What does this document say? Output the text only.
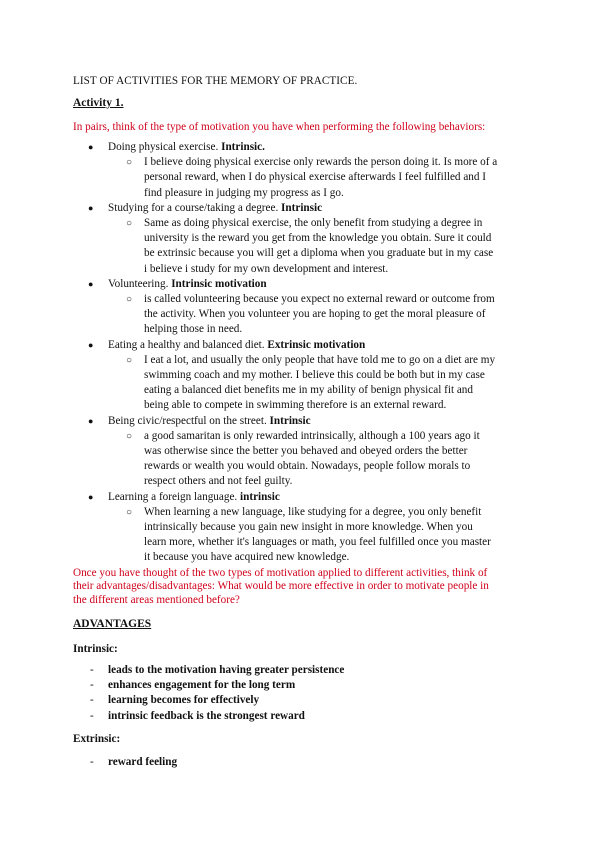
LIST OF ACTIVITIES FOR THE MEMORY OF PRACTICE.

Activity 1.

In pairs, think of the type of motivation you have when performing the following behaviors:

● Doing physical exercise. Intrinsic.
○ I believe doing physical exercise only rewards the person doing it. Is more of a
personal reward, when I do physical exercise afterwards I feel fulfilled and I
find pleasure in judging my progress as I go.
● Studying for a course/taking a degree. Intrinsic
○ Same as doing physical exercise, the only benefit from studying a degree in
university is the reward you get from the knowledge you obtain. Sure it could
be extrinsic because you will get a diploma when you graduate but in my case
i believe i study for my own development and interest.
● Volunteering. Intrinsic motivation
○ is called volunteering because you expect no external reward or outcome from
the activity. When you volunteer you are hoping to get the moral pleasure of
helping those in need.
● Eating a healthy and balanced diet. Extrinsic motivation
○ I eat a lot, and usually the only people that have told me to go on a diet are my
swimming coach and my mother. I believe this could be both but in my case
eating a balanced diet benefits me in my ability of benign physical fit and
being able to compete in swimming therefore is an external reward.
● Being civic/respectful on the street. Intrinsic
○ a good samaritan is only rewarded intrinsically, although a 100 years ago it
was otherwise since the better you behaved and obeyed orders the better
rewards or wealth you would obtain. Nowadays, people follow morals to
respect others and not feel guilty.
● Learning a foreign language. intrinsic
○ When learning a new language, like studying for a degree, you only benefit
intrinsically because you gain new insight in more knowledge. When you
learn more, whether it's languages or math, you feel fulfilled once you master
it because you have acquired new knowledge.
Once you have thought of the two types of motivation applied to different activities, think of
their advantages/disadvantages: What would be more effective in order to motivate people in
the different areas mentioned before?

ADVANTAGES

Intrinsic:

- leads to the motivation having greater persistence
- enhances engagement for the long term
- learning becomes for effectively
- intrinsic feedback is the strongest reward

Extrinsic:

- reward feeling
